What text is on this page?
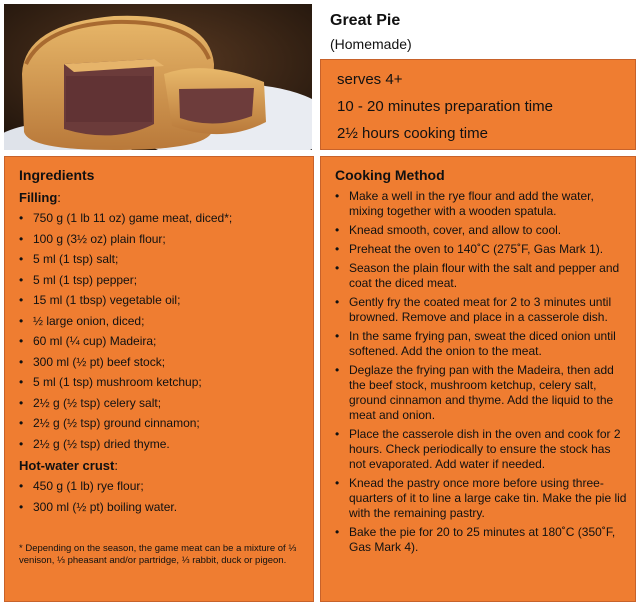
Great Pie
(Homemade)
serves 4+
10 - 20 minutes preparation time
2½ hours cooking time
Ingredients
Filling:
• 750 g (1 lb 11 oz) game meat, diced*;
• 100 g (3½ oz) plain flour;
• 5 ml (1 tsp) salt;
• 5 ml (1 tsp) pepper;
• 15 ml (1 tbsp) vegetable oil;
• ½ large onion, diced;
• 60 ml (¼ cup) Madeira;
• 300 ml (½ pt) beef stock;
• 5 ml (1 tsp) mushroom ketchup;
• 2½ g (½ tsp) celery salt;
• 2½ g (½ tsp) ground cinnamon;
• 2½ g (½ tsp) dried thyme.
Hot-water crust:
• 450 g (1 lb) rye flour;
• 300 ml (½ pt) boiling water.

* Depending on the season, the game meat can be a mixture of ⅓ venison, ⅓ pheasant and/or partridge, ⅓ rabbit, duck or pigeon.

Cooking Method
• Make a well in the rye flour and add the water, mixing together with a wooden spatula.
• Knead smooth, cover, and allow to cool.
• Preheat the oven to 140˚C (275˚F, Gas Mark 1).
• Season the plain flour with the salt and pepper and coat the diced meat.
• Gently fry the coated meat for 2 to 3 minutes until browned. Remove and place in a casserole dish.
• In the same frying pan, sweat the diced onion until softened. Add the onion to the meat.
• Deglaze the frying pan with the Madeira, then add the beef stock, mushroom ketchup, celery salt, ground cinnamon and thyme. Add the liquid to the meat and onion.
• Place the casserole dish in the oven and cook for 2 hours. Check periodically to ensure the stock has not evaporated. Add water if needed.
• Knead the pastry once more before using three-quarters of it to line a large cake tin. Make the pie lid with the remaining pastry.
• Bake the pie for 20 to 25 minutes at 180˚C (350˚F, Gas Mark 4).
